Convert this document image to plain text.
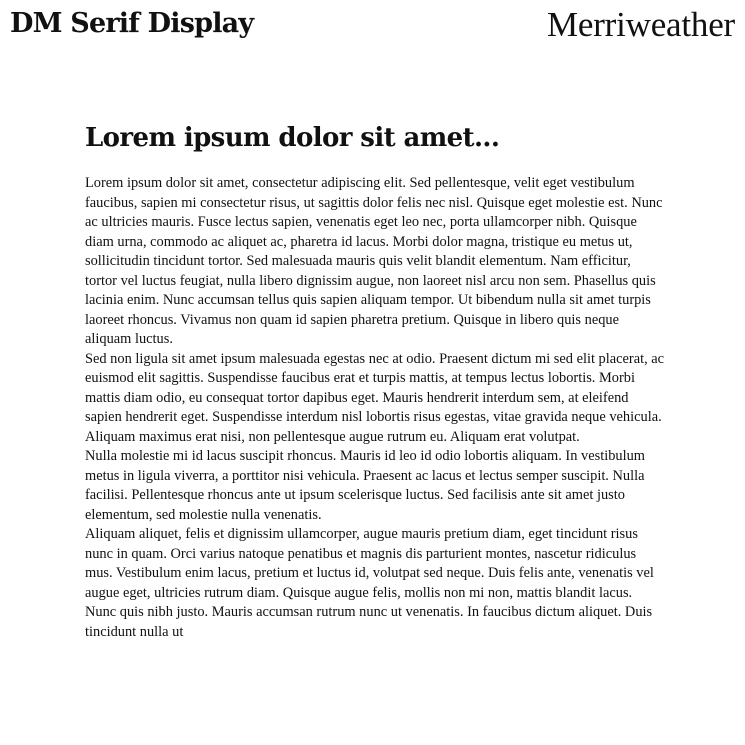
DM Serif Display	Merriweather
Lorem ipsum dolor sit amet...

Lorem ipsum dolor sit amet, consectetur adipiscing elit. Sed pellentesque, velit eget vestibulum faucibus, sapien mi consectetur risus, ut sagittis dolor felis nec nisl. Quisque eget molestie est. Nunc ac ultricies mauris. Fusce lectus sapien, venenatis eget leo nec, porta ullamcorper nibh. Quisque diam urna, commodo ac aliquet ac, pharetra id lacus. Morbi dolor magna, tristique eu metus ut, sollicitudin tincidunt tortor. Sed malesuada mauris quis velit blandit elementum. Nam efficitur, tortor vel luctus feugiat, nulla libero dignissim augue, non laoreet nisl arcu non sem. Phasellus quis lacinia enim. Nunc accumsan tellus quis sapien aliquam tempor. Ut bibendum nulla sit amet turpis laoreet rhoncus. Vivamus non quam id sapien pharetra pretium. Quisque in libero quis neque aliquam luctus.

Sed non ligula sit amet ipsum malesuada egestas nec at odio. Praesent dictum mi sed elit placerat, ac euismod elit sagittis. Suspendisse faucibus erat et turpis mattis, at tempus lectus lobortis. Morbi mattis diam odio, eu consequat tortor dapibus eget. Mauris hendrerit interdum sem, at eleifend sapien hendrerit eget. Suspendisse interdum nisl lobortis risus egestas, vitae gravida neque vehicula. Aliquam maximus erat nisi, non pellentesque augue rutrum eu. Aliquam erat volutpat.

Nulla molestie mi id lacus suscipit rhoncus. Mauris id leo id odio lobortis aliquam. In vestibulum metus in ligula viverra, a porttitor nisi vehicula. Praesent ac lacus et lectus semper suscipit. Nulla facilisi. Pellentesque rhoncus ante ut ipsum scelerisque luctus. Sed facilisis ante sit amet justo elementum, sed molestie nulla venenatis.

Aliquam aliquet, felis et dignissim ullamcorper, augue mauris pretium diam, eget tincidunt risus nunc in quam. Orci varius natoque penatibus et magnis dis parturient montes, nascetur ridiculus mus. Vestibulum enim lacus, pretium et luctus id, volutpat sed neque. Duis felis ante, venenatis vel augue eget, ultricies rutrum diam. Quisque augue felis, mollis non mi non, mattis blandit lacus. Nunc quis nibh justo. Mauris accumsan rutrum nunc ut venenatis. In faucibus dictum aliquet. Duis tincidunt nulla ut
